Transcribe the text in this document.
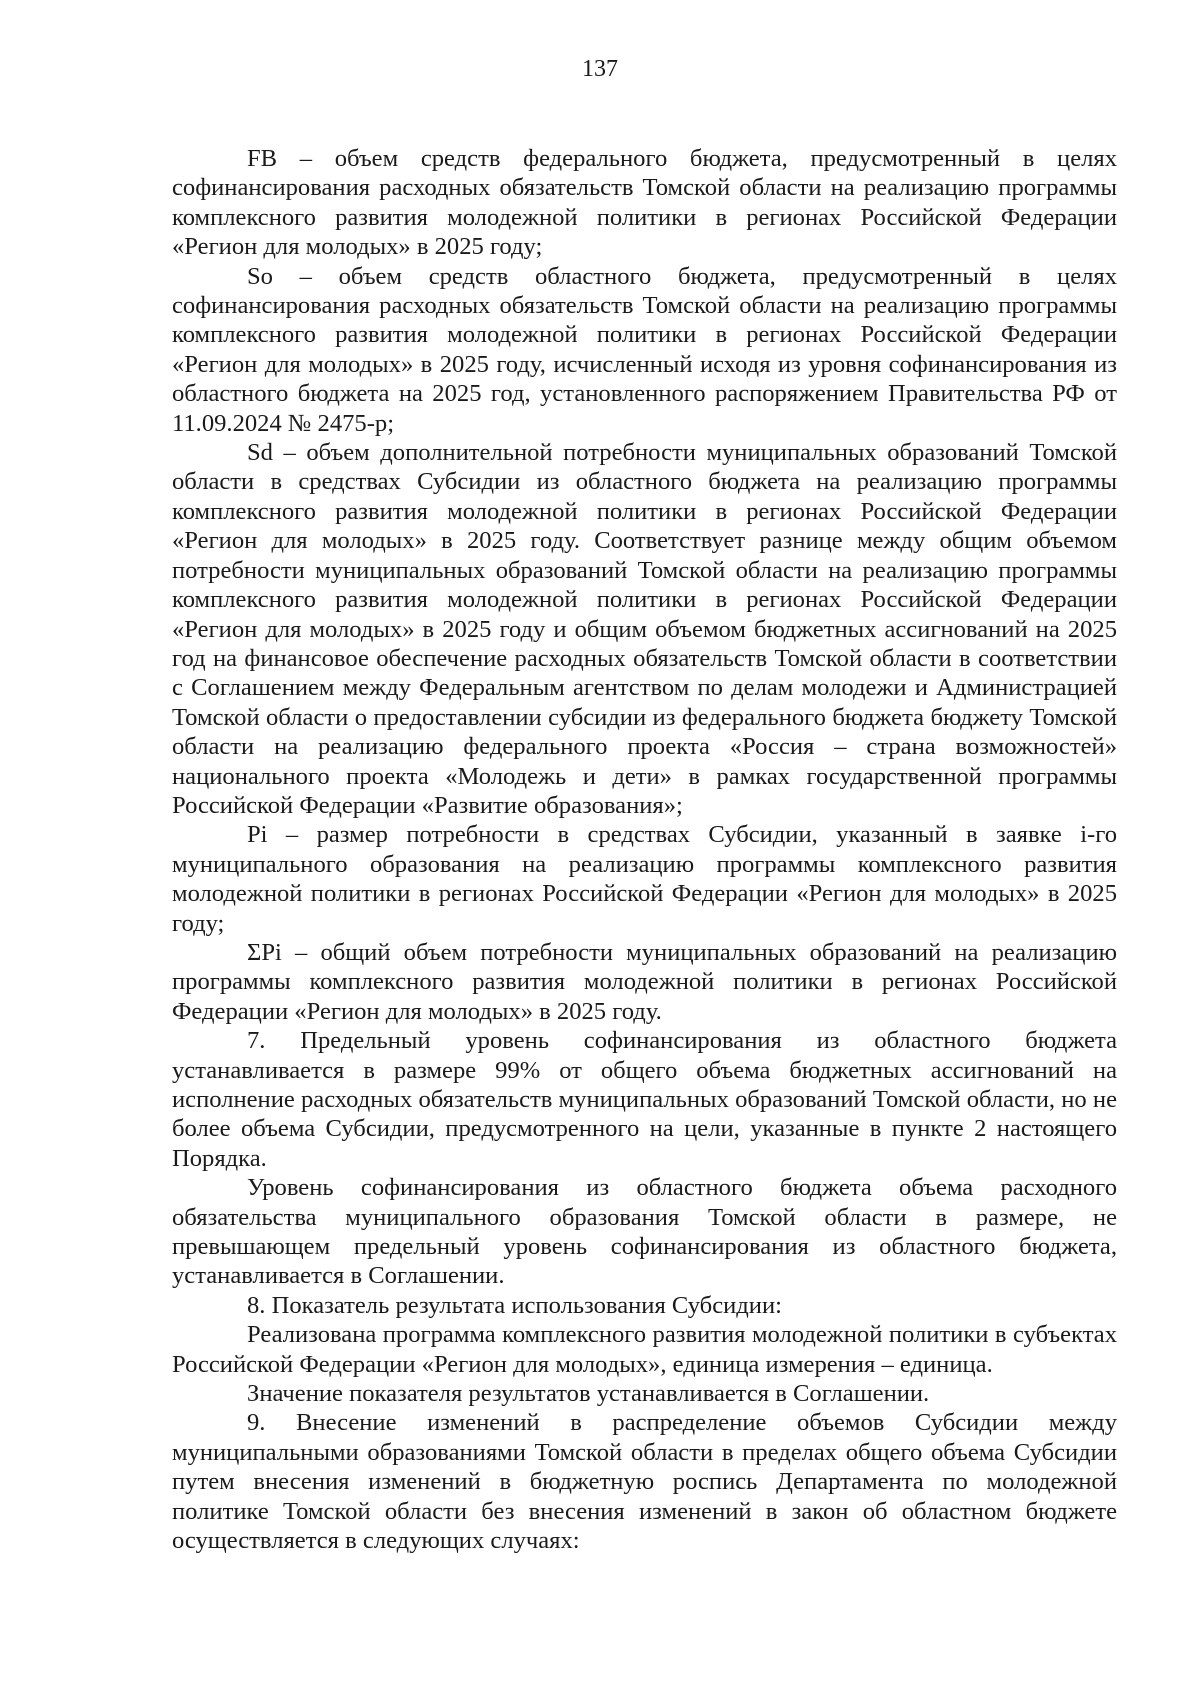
137

FB – объем средств федерального бюджета, предусмотренный в целях софинансирования расходных обязательств Томской области на реализацию программы комплексного развития молодежной политики в регионах Российской Федерации «Регион для молодых» в 2025 году;

So – объем средств областного бюджета, предусмотренный в целях софинансирования расходных обязательств Томской области на реализацию программы комплексного развития молодежной политики в регионах Российской Федерации «Регион для молодых» в 2025 году, исчисленный исходя из уровня софинансирования из областного бюджета на 2025 год, установленного распоряжением Правительства РФ от 11.09.2024 № 2475-р;

Sd – объем дополнительной потребности муниципальных образований Томской области в средствах Субсидии из областного бюджета на реализацию программы комплексного развития молодежной политики в регионах Российской Федерации «Регион для молодых» в 2025 году. Соответствует разнице между общим объемом потребности муниципальных образований Томской области на реализацию программы комплексного развития молодежной политики в регионах Российской Федерации «Регион для молодых» в 2025 году и общим объемом бюджетных ассигнований на 2025 год на финансовое обеспечение расходных обязательств Томской области в соответствии с Соглашением между Федеральным агентством по делам молодежи и Администрацией Томской области о предоставлении субсидии из федерального бюджета бюджету Томской области на реализацию федерального проекта «Россия – страна возможностей» национального проекта «Молодежь и дети» в рамках государственной программы Российской Федерации «Развитие образования»;

Pi – размер потребности в средствах Субсидии, указанный в заявке i-го муниципального образования на реализацию программы комплексного развития молодежной политики в регионах Российской Федерации «Регион для молодых» в 2025 году;

ΣPi – общий объем потребности муниципальных образований на реализацию программы комплексного развития молодежной политики в регионах Российской Федерации «Регион для молодых» в 2025 году.

7. Предельный уровень софинансирования из областного бюджета устанавливается в размере 99% от общего объема бюджетных ассигнований на исполнение расходных обязательств муниципальных образований Томской области, но не более объема Субсидии, предусмотренного на цели, указанные в пункте 2 настоящего Порядка.

Уровень софинансирования из областного бюджета объема расходного обязательства муниципального образования Томской области в размере, не превышающем предельный уровень софинансирования из областного бюджета, устанавливается в Соглашении.

8. Показатель результата использования Субсидии:

Реализована программа комплексного развития молодежной политики в субъектах Российской Федерации «Регион для молодых», единица измерения – единица.

Значение показателя результатов устанавливается в Соглашении.

9. Внесение изменений в распределение объемов Субсидии между муниципальными образованиями Томской области в пределах общего объема Субсидии путем внесения изменений в бюджетную роспись Департамента по молодежной политике Томской области без внесения изменений в закон об областном бюджете осуществляется в следующих случаях:
